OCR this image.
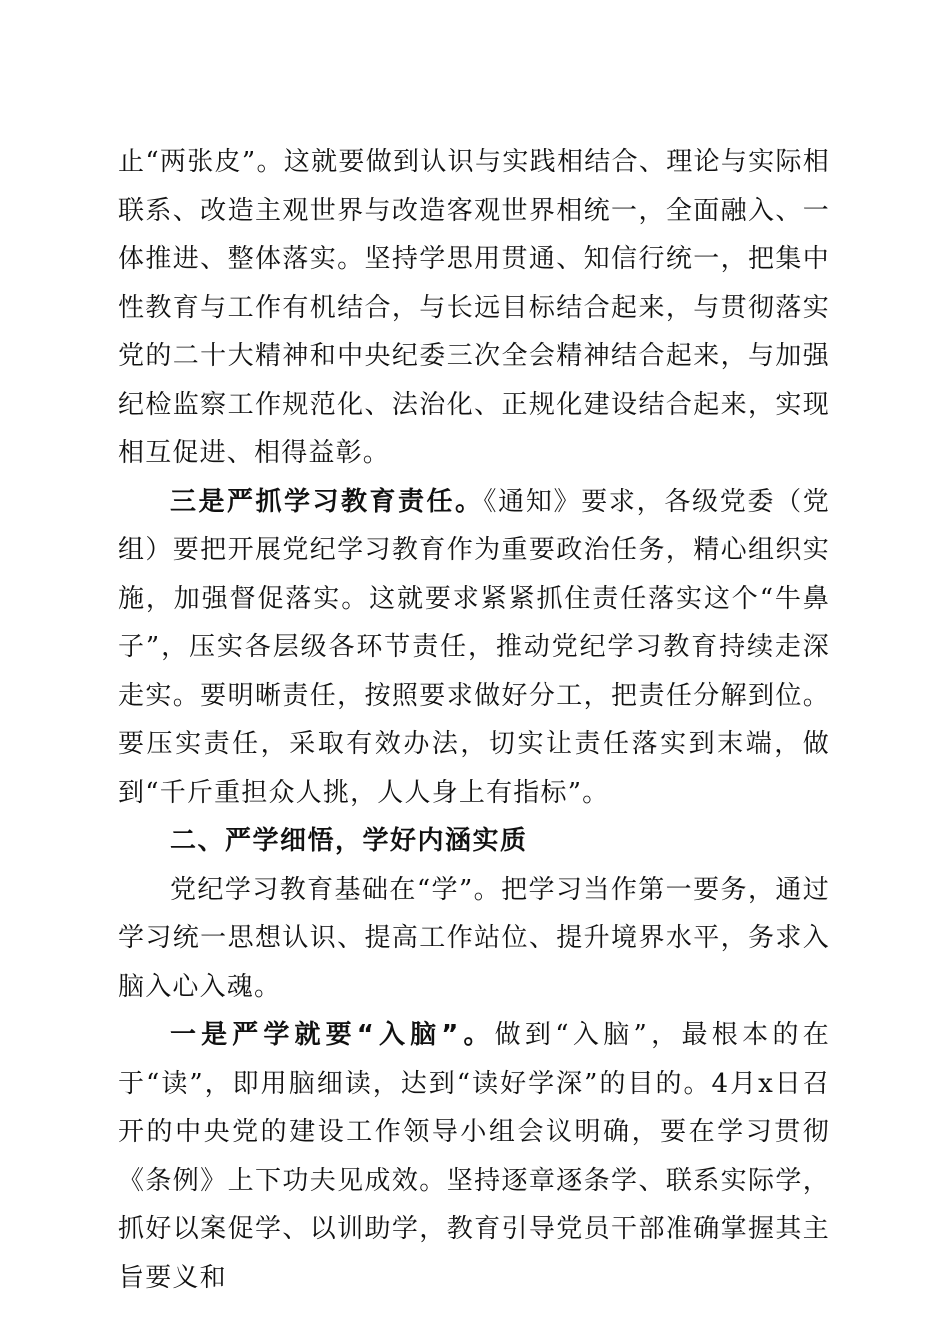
止“两张皮”。这就要做到认识与实践相结合、理论与实际相联系、改造主观世界与改造客观世界相统一，全面融入、一体推进、整体落实。坚持学思用贯通、知信行统一，把集中性教育与工作有机结合，与长远目标结合起来，与贯彻落实党的二十大精神和中央纪委三次全会精神结合起来，与加强纪检监察工作规范化、法治化、正规化建设结合起来，实现相互促进、相得益彰。

三是严抓学习教育责任。《通知》要求，各级党委（党组）要把开展党纪学习教育作为重要政治任务，精心组织实施，加强督促落实。这就要求紧紧抓住责任落实这个“牛鼻子”，压实各层级各环节责任，推动党纪学习教育持续走深走实。要明晰责任，按照要求做好分工，把责任分解到位。要压实责任，采取有效办法，切实让责任落实到末端，做到“千斤重担众人挑，人人身上有指标”。

二、严学细悟，学好内涵实质

党纪学习教育基础在“学”。把学习当作第一要务，通过学习统一思想认识、提高工作站位、提升境界水平，务求入脑入心入魂。

一是严学就要“入脑”。做到“入脑”，最根本的在于“读”，即用脑细读，达到“读好学深”的目的。4月x日召开的中央党的建设工作领导小组会议明确，要在学习贯彻《条例》上下功夫见成效。坚持逐章逐条学、联系实际学，抓好以案促学、以训助学，教育引导党员干部准确掌握其主旨要义和
